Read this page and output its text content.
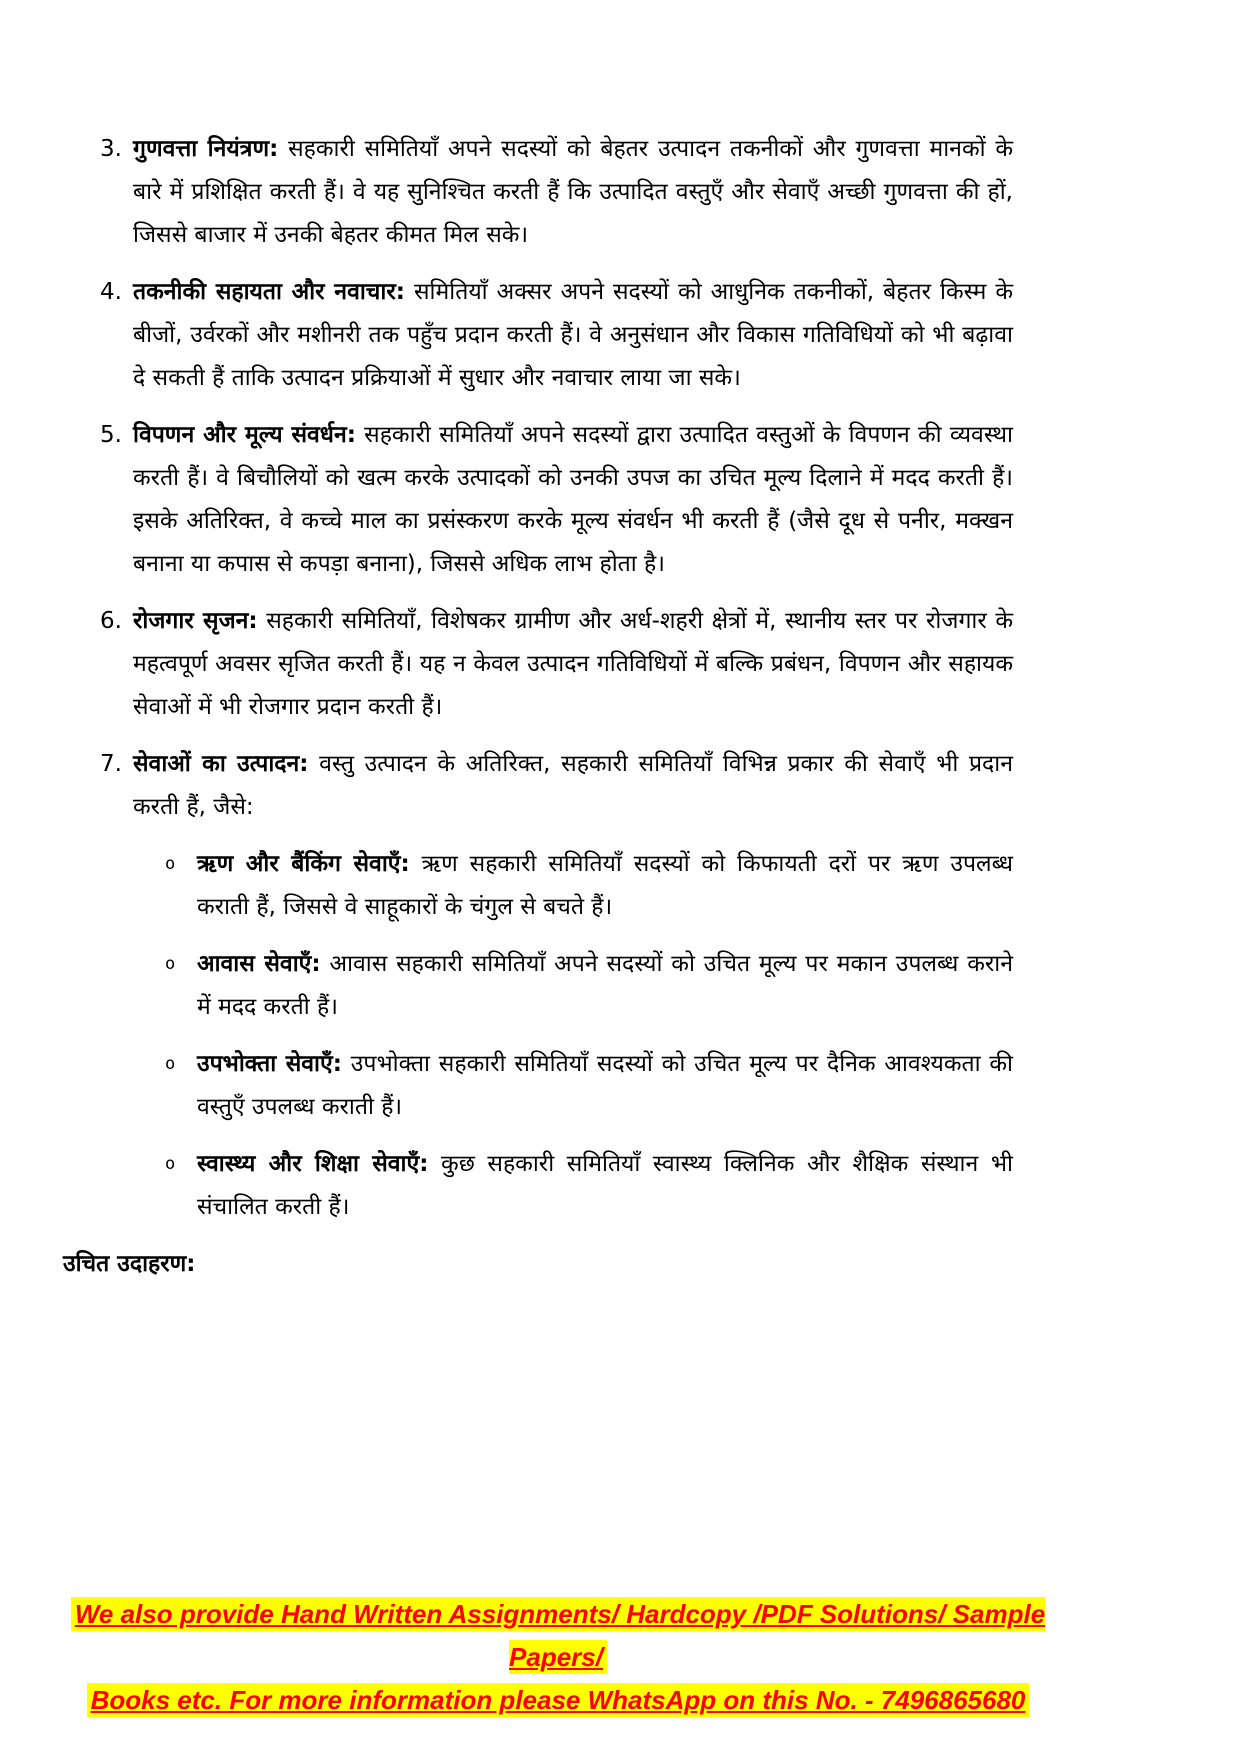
3. गुणवत्ता नियंत्रण: सहकारी समितियाँ अपने सदस्यों को बेहतर उत्पादन तकनीकों और गुणवत्ता मानकों के बारे में प्रशिक्षित करती हैं। वे यह सुनिश्चित करती हैं कि उत्पादित वस्तुएँ और सेवाएँ अच्छी गुणवत्ता की हों, जिससे बाजार में उनकी बेहतर कीमत मिल सके।

4. तकनीकी सहायता और नवाचार: समितियाँ अक्सर अपने सदस्यों को आधुनिक तकनीकों, बेहतर किस्म के बीजों, उर्वरकों और मशीनरी तक पहुँच प्रदान करती हैं। वे अनुसंधान और विकास गतिविधियों को भी बढ़ावा दे सकती हैं ताकि उत्पादन प्रक्रियाओं में सुधार और नवाचार लाया जा सके।

5. विपणन और मूल्य संवर्धन: सहकारी समितियाँ अपने सदस्यों द्वारा उत्पादित वस्तुओं के विपणन की व्यवस्था करती हैं। वे बिचौलियों को खत्म करके उत्पादकों को उनकी उपज का उचित मूल्य दिलाने में मदद करती हैं। इसके अतिरिक्त, वे कच्चे माल का प्रसंस्करण करके मूल्य संवर्धन भी करती हैं (जैसे दूध से पनीर, मक्खन बनाना या कपास से कपड़ा बनाना), जिससे अधिक लाभ होता है।

6. रोजगार सृजन: सहकारी समितियाँ, विशेषकर ग्रामीण और अर्ध-शहरी क्षेत्रों में, स्थानीय स्तर पर रोजगार के महत्वपूर्ण अवसर सृजित करती हैं। यह न केवल उत्पादन गतिविधियों में बल्कि प्रबंधन, विपणन और सहायक सेवाओं में भी रोजगार प्रदान करती हैं।

7. सेवाओं का उत्पादन: वस्तु उत्पादन के अतिरिक्त, सहकारी समितियाँ विभिन्न प्रकार की सेवाएँ भी प्रदान करती हैं, जैसे:

o ऋण और बैंकिंग सेवाएँ: ऋण सहकारी समितियाँ सदस्यों को किफायती दरों पर ऋण उपलब्ध कराती हैं, जिससे वे साहूकारों के चंगुल से बचते हैं।

o आवास सेवाएँ: आवास सहकारी समितियाँ अपने सदस्यों को उचित मूल्य पर मकान उपलब्ध कराने में मदद करती हैं।

o उपभोक्ता सेवाएँ: उपभोक्ता सहकारी समितियाँ सदस्यों को उचित मूल्य पर दैनिक आवश्यकता की वस्तुएँ उपलब्ध कराती हैं।

o स्वास्थ्य और शिक्षा सेवाएँ: कुछ सहकारी समितियाँ स्वास्थ्य क्लिनिक और शैक्षिक संस्थान भी संचालित करती हैं।

उचित उदाहरण:

We also provide Hand Written Assignments/ Hardcopy /PDF Solutions/ Sample Papers/
Books etc. For more information please WhatsApp on this No. - 7496865680
